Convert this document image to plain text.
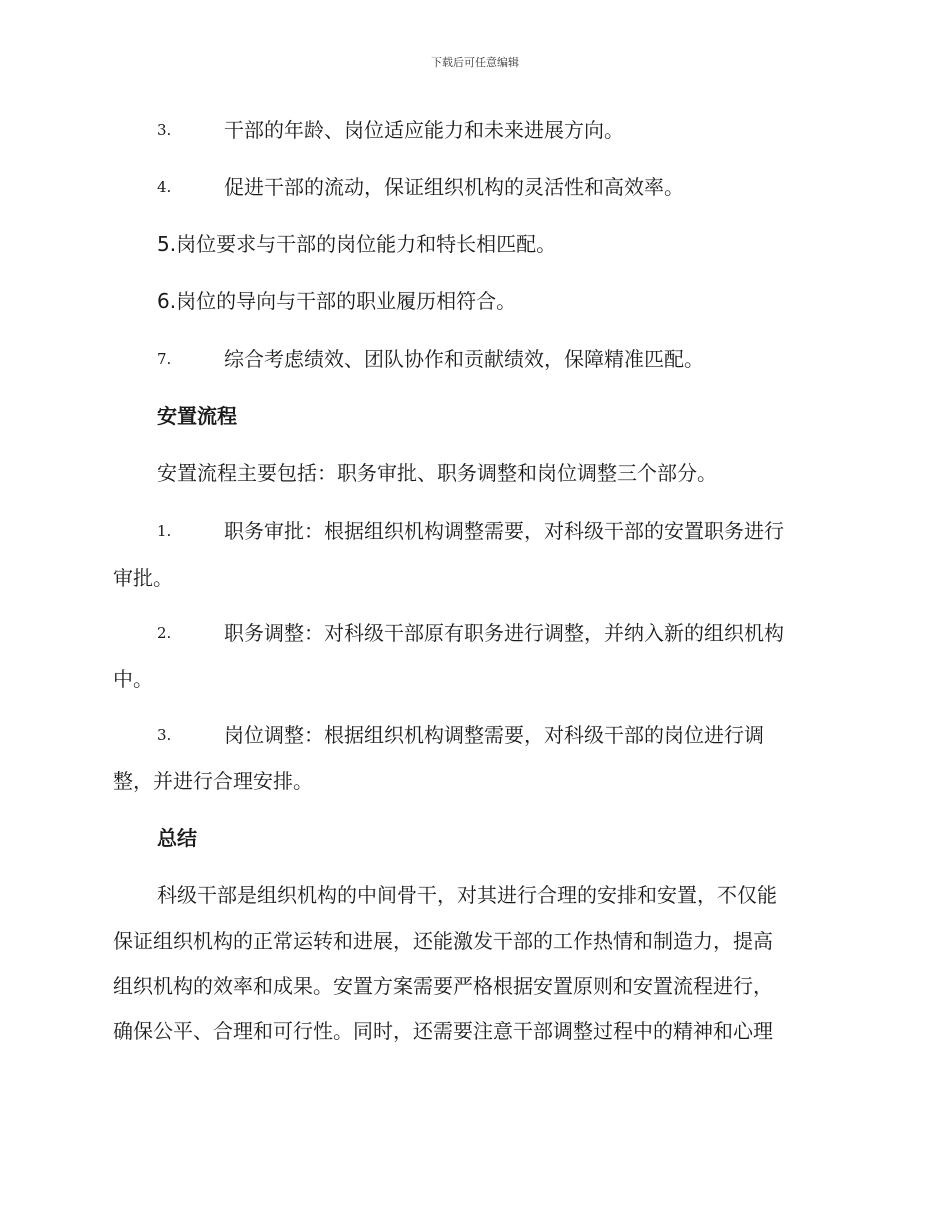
下载后可任意编辑
3.	干部的年龄、岗位适应能力和未来进展方向。
4.	促进干部的流动，保证组织机构的灵活性和高效率。
5.岗位要求与干部的岗位能力和特长相匹配。
6.岗位的导向与干部的职业履历相符合。
7.	综合考虑绩效、团队协作和贡献绩效，保障精准匹配。
安置流程
安置流程主要包括：职务审批、职务调整和岗位调整三个部分。
1.	职务审批：根据组织机构调整需要，对科级干部的安置职务进行
审批。
2.	职务调整：对科级干部原有职务进行调整，并纳入新的组织机构
中。
3.	岗位调整：根据组织机构调整需要，对科级干部的岗位进行调
整，并进行合理安排。
总结
科级干部是组织机构的中间骨干，对其进行合理的安排和安置，不仅能
保证组织机构的正常运转和进展，还能激发干部的工作热情和制造力，提高
组织机构的效率和成果。安置方案需要严格根据安置原则和安置流程进行，
确保公平、合理和可行性。同时，还需要注意干部调整过程中的精神和心理
